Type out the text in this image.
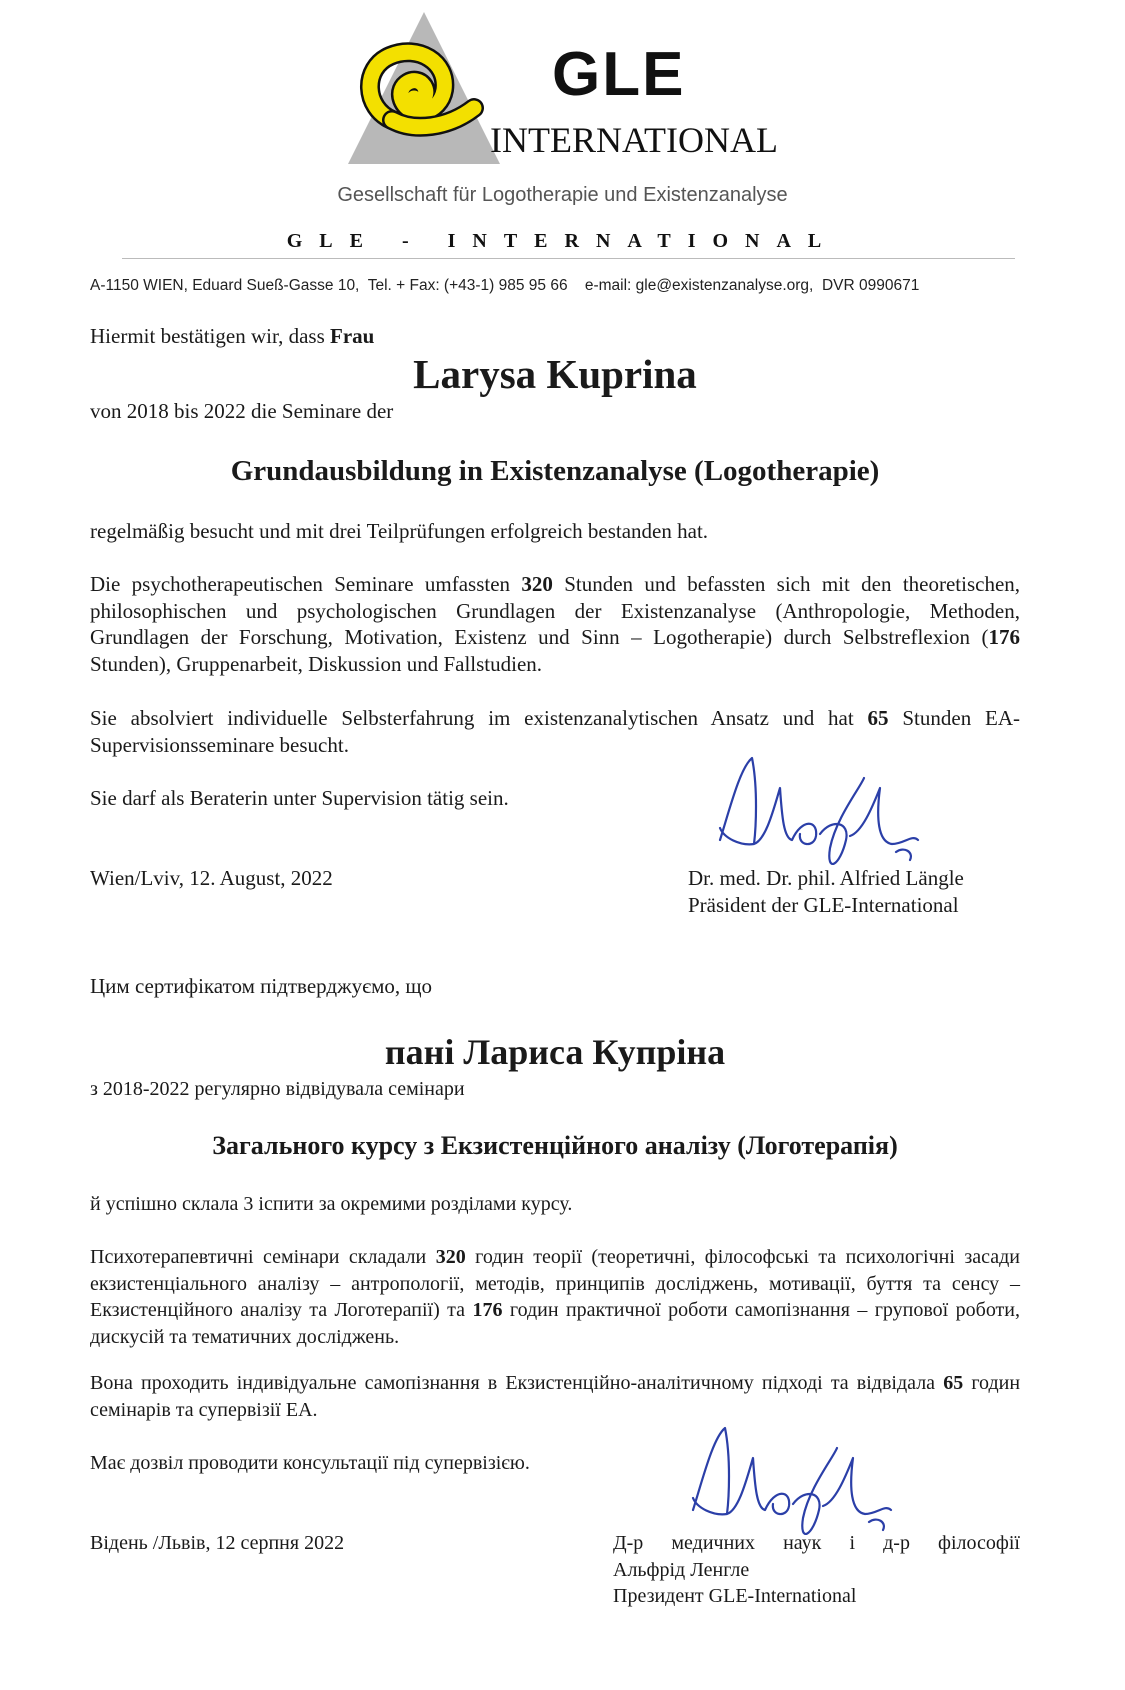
GLE
INTERNATIONAL
Gesellschaft für Logotherapie und Existenzanalyse
GLE - INTERNATIONAL
A-1150 WIEN, Eduard Sueß-Gasse 10,  Tel. + Fax: (+43-1) 985 95 66    e-mail: gle@existenzanalyse.org,  DVR 0990671
Hiermit bestätigen wir, dass Frau
Larysa Kuprina
von 2018 bis 2022 die Seminare der
Grundausbildung in Existenzanalyse (Logotherapie)
regelmäßig besucht und mit drei Teilprüfungen erfolgreich bestanden hat.
Die psychotherapeutischen Seminare umfassten 320 Stunden und befassten sich mit den theoretischen, philosophischen und psychologischen Grundlagen der Existenzanalyse (Anthropologie, Methoden, Grundlagen der Forschung, Motivation, Existenz und Sinn – Logotherapie) durch Selbstreflexion (176 Stunden), Gruppenarbeit, Diskussion und Fallstudien.
Sie absolviert individuelle Selbsterfahrung im existenzanalytischen Ansatz und hat 65 Stunden EA-Supervisionsseminare besucht.
Sie darf als Beraterin unter Supervision tätig sein.
Wien/Lviv, 12. August, 2022	Dr. med. Dr. phil. Alfried Längle
Präsident der GLE-International
Цим сертифікатом підтверджуємо, що
пані Лариса Купріна
з 2018-2022 регулярно відвідувала семінари
Загального курсу з Екзистенційного аналізу (Логотерапія)
й успішно склала 3 іспити за окремими розділами курсу.
Психотерапевтичні семінари складали 320 годин теорії (теоретичні, філософські та психологічні засади екзистенціального аналізу – антропології, методів, принципів досліджень, мотивації, буття та сенсу – Екзистенційного аналізу та Логотерапії) та 176 годин практичної роботи самопізнання – групової роботи, дискусій та тематичних досліджень.
Вона проходить індивідуальне самопізнання в Екзистенційно-аналітичному підході та відвідала 65 годин семінарів та супервізії ЕА.
Має дозвіл проводити консультації під супервізією.
Відень /Львів, 12 серпня 2022	Д-р медичних наук і д-р філософії
Альфрід Ленгле
Президент GLE-International
